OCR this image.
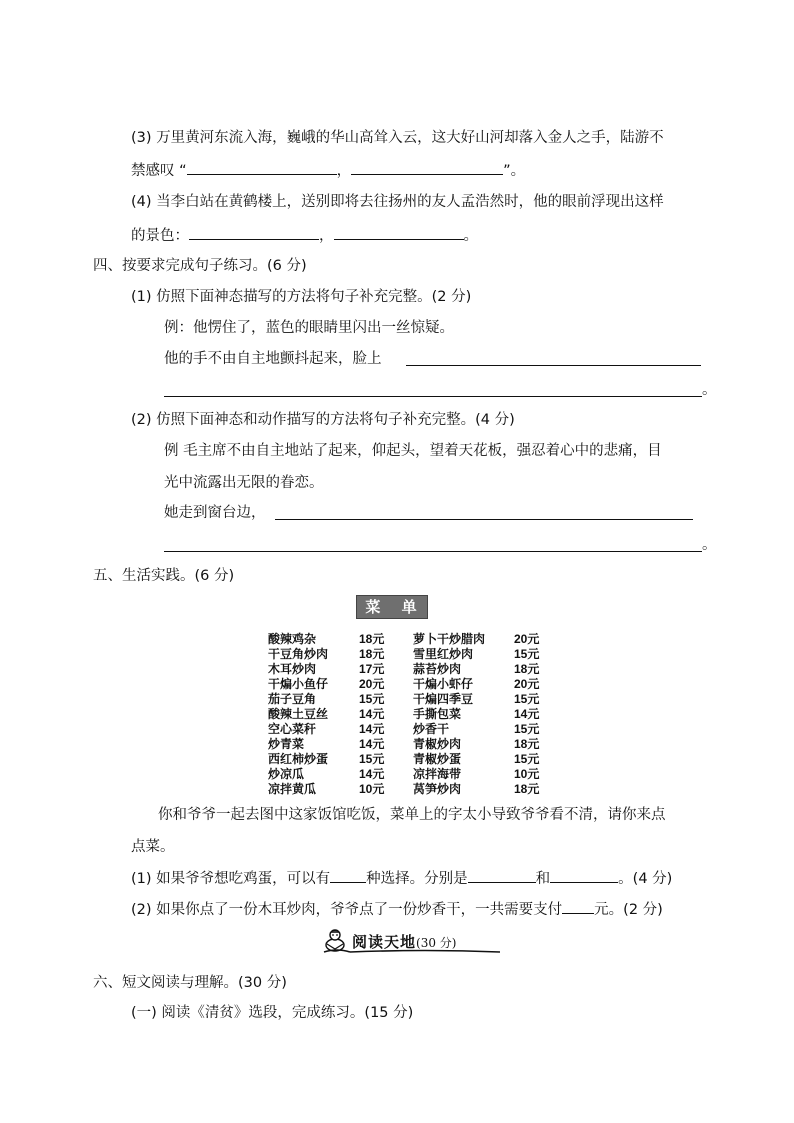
(3) 万里黄河东流入海，巍峨的华山高耸入云，这大好山河却落入金人之手，陆游不
禁感叹 “	，	”。
(4) 当李白站在黄鹤楼上，送别即将去往扬州的友人孟浩然时，他的眼前浮现出这样
的景色：	，	。
四、按要求完成句子练习。(6 分)
(1) 仿照下面神态描写的方法将句子补充完整。(2 分)
例：他愣住了，蓝色的眼睛里闪出一丝惊疑。
他的手不由自主地颤抖起来，脸上
。
(2) 仿照下面神态和动作描写的方法将句子补充完整。(4 分)
例 毛主席不由自主地站了起来，仰起头，望着天花板，强忍着心中的悲痛，目
光中流露出无限的眷恋。
她走到窗台边，
。
五、生活实践。(6 分)
菜 单
酸辣鸡杂	18元 萝卜干炒腊肉 20元
干豆角炒肉	18元 雪里红炒肉	15元
木耳炒肉	17元 蒜苔炒肉	18元
干煸小鱼仔	20元 干煸小虾仔	20元
茄子豆角	15元 干煸四季豆	15元
酸辣土豆丝	14元 手撕包菜	14元
空心菜秆	14元 炒香干	15元
炒青菜	14元 青椒炒肉	18元
西红柿炒蛋	15元 青椒炒蛋	15元
炒凉瓜	14元 凉拌海带	10元
凉拌黄瓜	10元 莴笋炒肉	18元
你和爷爷一起去图中这家饭馆吃饭，菜单上的字太小导致爷爷看不清，请你来点
点菜。
(1) 如果爷爷想吃鸡蛋，可以有 种选择。分别是	和	。(4 分)
(2) 如果你点了一份木耳炒肉，爷爷点了一份炒香干，一共需要支付 元。(2 分)
阅读天地(30 分)
六、短文阅读与理解。(30 分)
(一) 阅读《清贫》选段，完成练习。(15 分)
